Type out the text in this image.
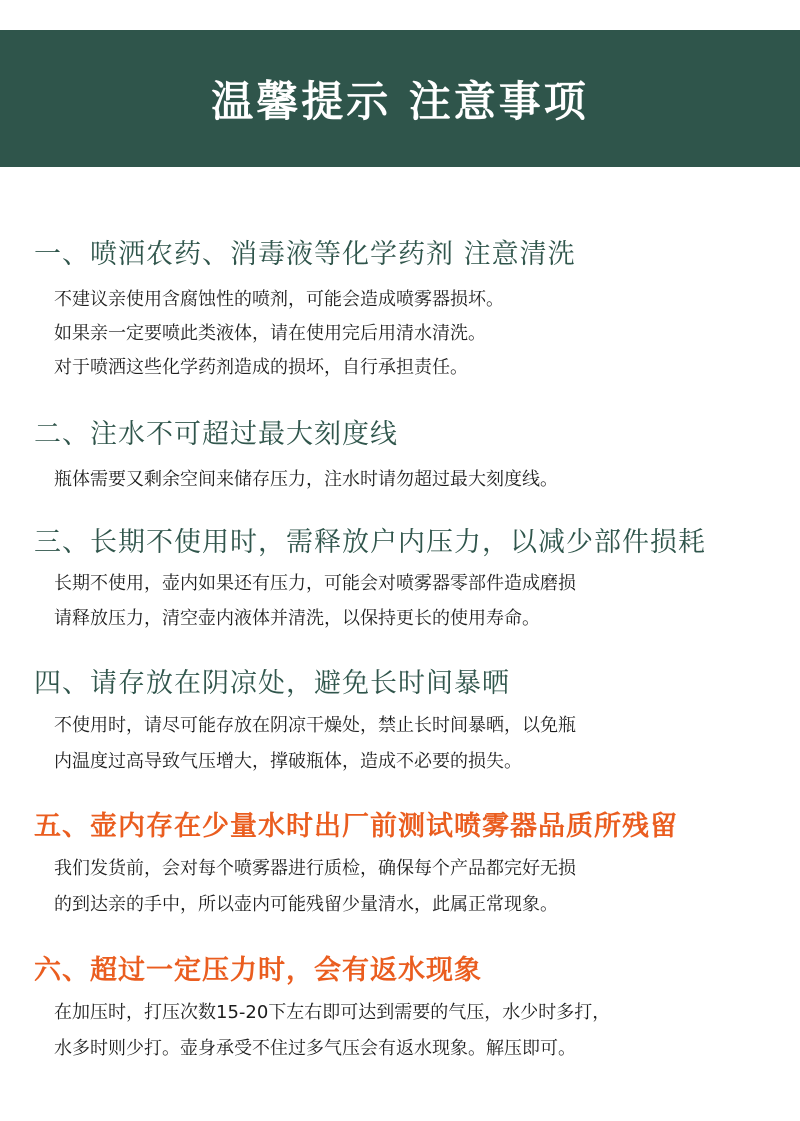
温馨提示 注意事项
一、喷洒农药、消毒液等化学药剂 注意清洗
不建议亲使用含腐蚀性的喷剂，可能会造成喷雾器损坏。
如果亲一定要喷此类液体，请在使用完后用清水清洗。
对于喷洒这些化学药剂造成的损坏，自行承担责任。
二、注水不可超过最大刻度线
瓶体需要又剩余空间来储存压力，注水时请勿超过最大刻度线。
三、长期不使用时，需释放户内压力，以减少部件损耗
长期不使用，壶内如果还有压力，可能会对喷雾器零部件造成磨损
请释放压力，清空壶内液体并清洗，以保持更长的使用寿命。
四、请存放在阴凉处，避免长时间暴晒
不使用时，请尽可能存放在阴凉干燥处，禁止长时间暴晒，以免瓶
内温度过高导致气压增大，撑破瓶体，造成不必要的损失。
五、壶内存在少量水时出厂前测试喷雾器品质所残留
我们发货前，会对每个喷雾器进行质检，确保每个产品都完好无损
的到达亲的手中，所以壶内可能残留少量清水，此属正常现象。
六、超过一定压力时，会有返水现象
在加压时，打压次数15-20下左右即可达到需要的气压，水少时多打，
水多时则少打。壶身承受不住过多气压会有返水现象。解压即可。
